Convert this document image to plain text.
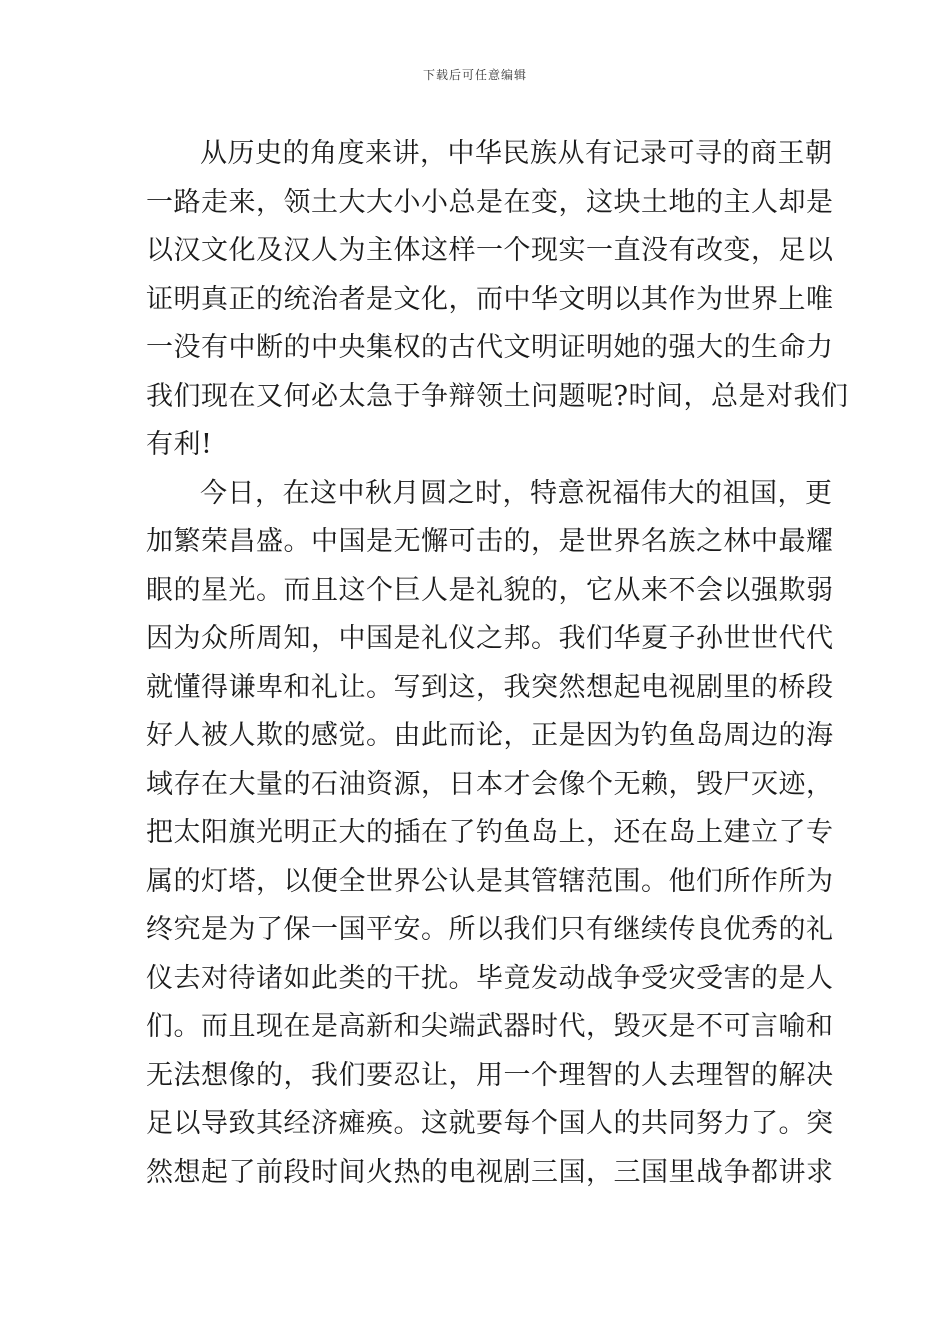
下载后可任意编辑
从历史的角度来讲，中华民族从有记录可寻的商王朝
一路走来，领土大大小小总是在变，这块土地的主人却是
以汉文化及汉人为主体这样一个现实一直没有改变，足以
证明真正的统治者是文化，而中华文明以其作为世界上唯
一没有中断的中央集权的古代文明证明她的强大的生命力
我们现在又何必太急于争辩领土问题呢?时间，总是对我们
有利!
今日，在这中秋月圆之时，特意祝福伟大的祖国，更
加繁荣昌盛。中国是无懈可击的，是世界名族之林中最耀
眼的星光。而且这个巨人是礼貌的，它从来不会以强欺弱
因为众所周知，中国是礼仪之邦。我们华夏子孙世世代代
就懂得谦卑和礼让。写到这，我突然想起电视剧里的桥段
好人被人欺的感觉。由此而论，正是因为钓鱼岛周边的海
域存在大量的石油资源，日本才会像个无赖，毁尸灭迹，
把太阳旗光明正大的插在了钓鱼岛上，还在岛上建立了专
属的灯塔，以便全世界公认是其管辖范围。他们所作所为
终究是为了保一国平安。所以我们只有继续传良优秀的礼
仪去对待诸如此类的干扰。毕竟发动战争受灾受害的是人
们。而且现在是高新和尖端武器时代，毁灭是不可言喻和
无法想像的，我们要忍让，用一个理智的人去理智的解决
足以导致其经济瘫痪。这就要每个国人的共同努力了。突
然想起了前段时间火热的电视剧三国，三国里战争都讲求
